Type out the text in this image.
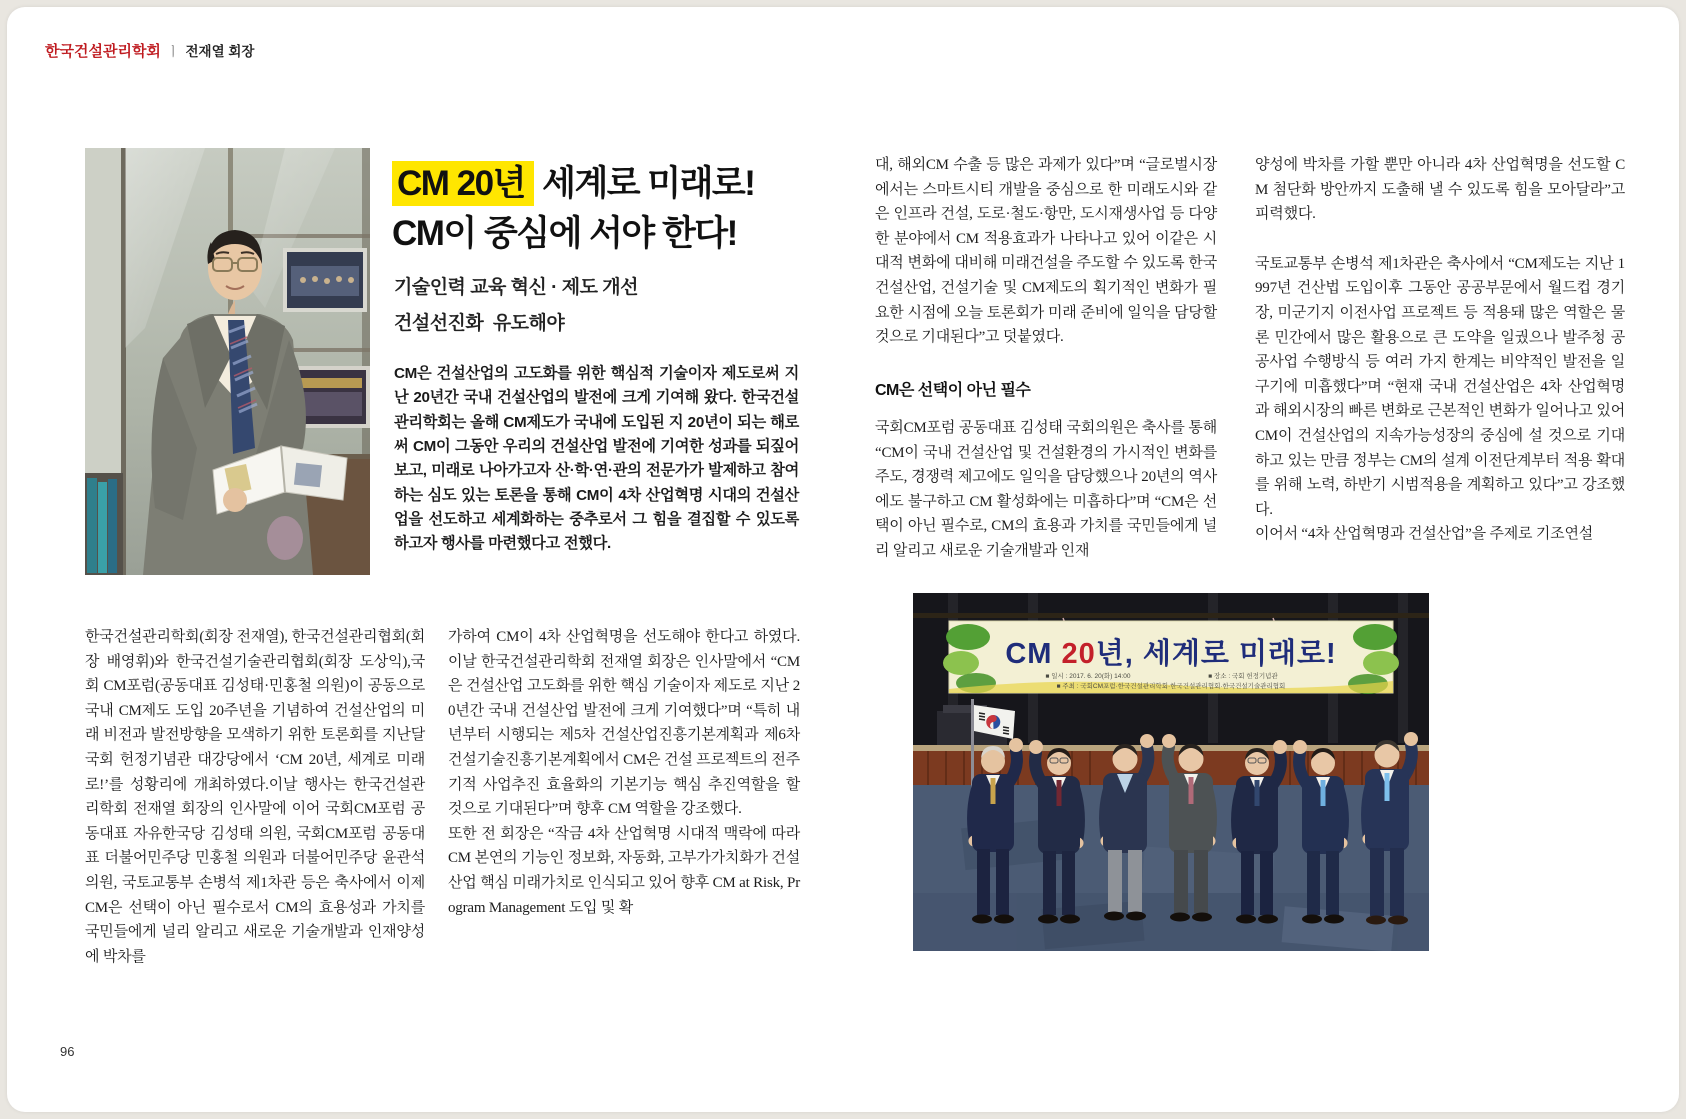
한국건설관리학회 ㅣ 전재열 회장
CM 20년 세계로 미래로!
CM이 중심에 서야 한다!
기술인력 교육 혁신 · 제도 개선
건설선진화  유도해야

CM은 건설산업의 고도화를 위한 핵심적 기술이자 제도로써 지난 20년간 국내 건설산업의 발전에 크게 기여해 왔다. 한국건설관리학회는 올해 CM제도가 국내에 도입된 지 20년이 되는 해로써 CM이 그동안 우리의 건설산업 발전에 기여한 성과를 되짚어보고, 미래로 나아가고자 산·학·연·관의 전문가가 발제하고 참여하는 심도 있는 토론을 통해 CM이 4차 산업혁명 시대의 건설산업을 선도하고 세계화하는 중추로서 그 힘을 결집할 수 있도록 하고자 행사를 마련했다고 전했다.

한국건설관리학회(회장 전재열), 한국건설관리협회(회장 배영휘)와 한국건설기술관리협회(회장 도상익),국회 CM포럼(공동대표 김성태·민홍철 의원)이 공동으로 국내 CM제도 도입 20주년을 기념하여 건설산업의 미래 비전과 발전방향을 모색하기 위한 토론회를 지난달 국회 헌정기념관 대강당에서 ‘CM 20년, 세계로 미래로!’를 성황리에 개최하였다.이날 행사는 한국건설관리학회 전재열 회장의 인사말에 이어 국회CM포럼 공동대표 자유한국당 김성태 의원, 국회CM포럼 공동대표 더불어민주당 민홍철 의원과 더불어민주당 윤관석 의원, 국토교통부 손병석 제1차관 등은 축사에서 이제 CM은 선택이 아닌 필수로서 CM의 효용성과 가치를 국민들에게 널리 알리고 새로운 기술개발과 인재양성에 박차를

가하여 CM이 4차 산업혁명을 선도해야 한다고 하였다. 이날 한국건설관리학회 전재열 회장은 인사말에서 “CM은 건설산업 고도화를 위한 핵심 기술이자 제도로 지난 20년간 국내 건설산업 발전에 크게 기여했다”며 “특히 내년부터 시행되는 제5차 건설산업진흥기본계획과 제6차 건설기술진흥기본계획에서 CM은 건설 프로젝트의 전주기적 사업추진 효율화의 기본기능 핵심 추진역할을 할 것으로 기대된다”며 향후 CM 역할을 강조했다.

또한 전 회장은 “작금 4차 산업혁명 시대적 맥락에 따라 CM 본연의 기능인 정보화, 자동화, 고부가가치화가 건설산업 핵심 미래가치로 인식되고 있어 향후 CM at Risk, Program Management 도입 및 확

대, 해외CM 수출 등 많은 과제가 있다”며 “글로벌시장에서는 스마트시티 개발을 중심으로 한 미래도시와 같은 인프라 건설, 도로·철도·항만, 도시재생사업 등 다양한 분야에서 CM 적용효과가 나타나고 있어 이같은 시대적 변화에 대비해 미래건설을 주도할 수 있도록 한국 건설산업, 건설기술 및 CM제도의 획기적인 변화가 필요한 시점에 오늘 토론회가 미래 준비에 일익을 담당할 것으로 기대된다”고 덧붙였다.

CM은 선택이 아닌 필수

국회CM포럼 공동대표 김성태 국회의원은 축사를 통해 “CM이 국내 건설산업 및 건설환경의 가시적인 변화를 주도, 경쟁력 제고에도 일익을 담당했으나 20년의 역사에도 불구하고 CM 활성화에는 미흡하다”며 “CM은 선택이 아닌 필수로, CM의 효용과 가치를 국민들에게 널리 알리고 새로운 기술개발과 인재

양성에 박차를 가할 뿐만 아니라 4차 산업혁명을 선도할 CM 첨단화 방안까지 도출해 낼 수 있도록 힘을 모아달라”고 피력했다.

국토교통부 손병석 제1차관은 축사에서 “CM제도는 지난 1997년 건산법 도입이후 그동안 공공부문에서 월드컵 경기장, 미군기지 이전사업 프로젝트 등 적용돼 많은 역할은 물론 민간에서 많은 활용으로 큰 도약을 일궜으나 발주청 공공사업 수행방식 등 여러 가지 한계는 비약적인 발전을 일구기에 미흡했다”며 “현재 국내 건설산업은 4차 산업혁명과 해외시장의 빠른 변화로 근본적인 변화가 일어나고 있어 CM이 건설산업의 지속가능성장의 중심에 설 것으로 기대하고 있는 만큼 정부는 CM의 설계 이전단계부터 적용 확대를 위해 노력, 하반기 시범적용을 계획하고 있다”고 강조했다.

이어서 “4차 산업혁명과 건설산업”을 주제로 기조연설

CM 20년, 세계로 미래로!
■ 일시 : 2017. 6. 20(화) 14:00	■ 장소 : 국회 헌정기념관
■ 주최 : 국회CM포럼·한국건설관리학회·한국건설관리협회·한국건설기술관리협회
96
